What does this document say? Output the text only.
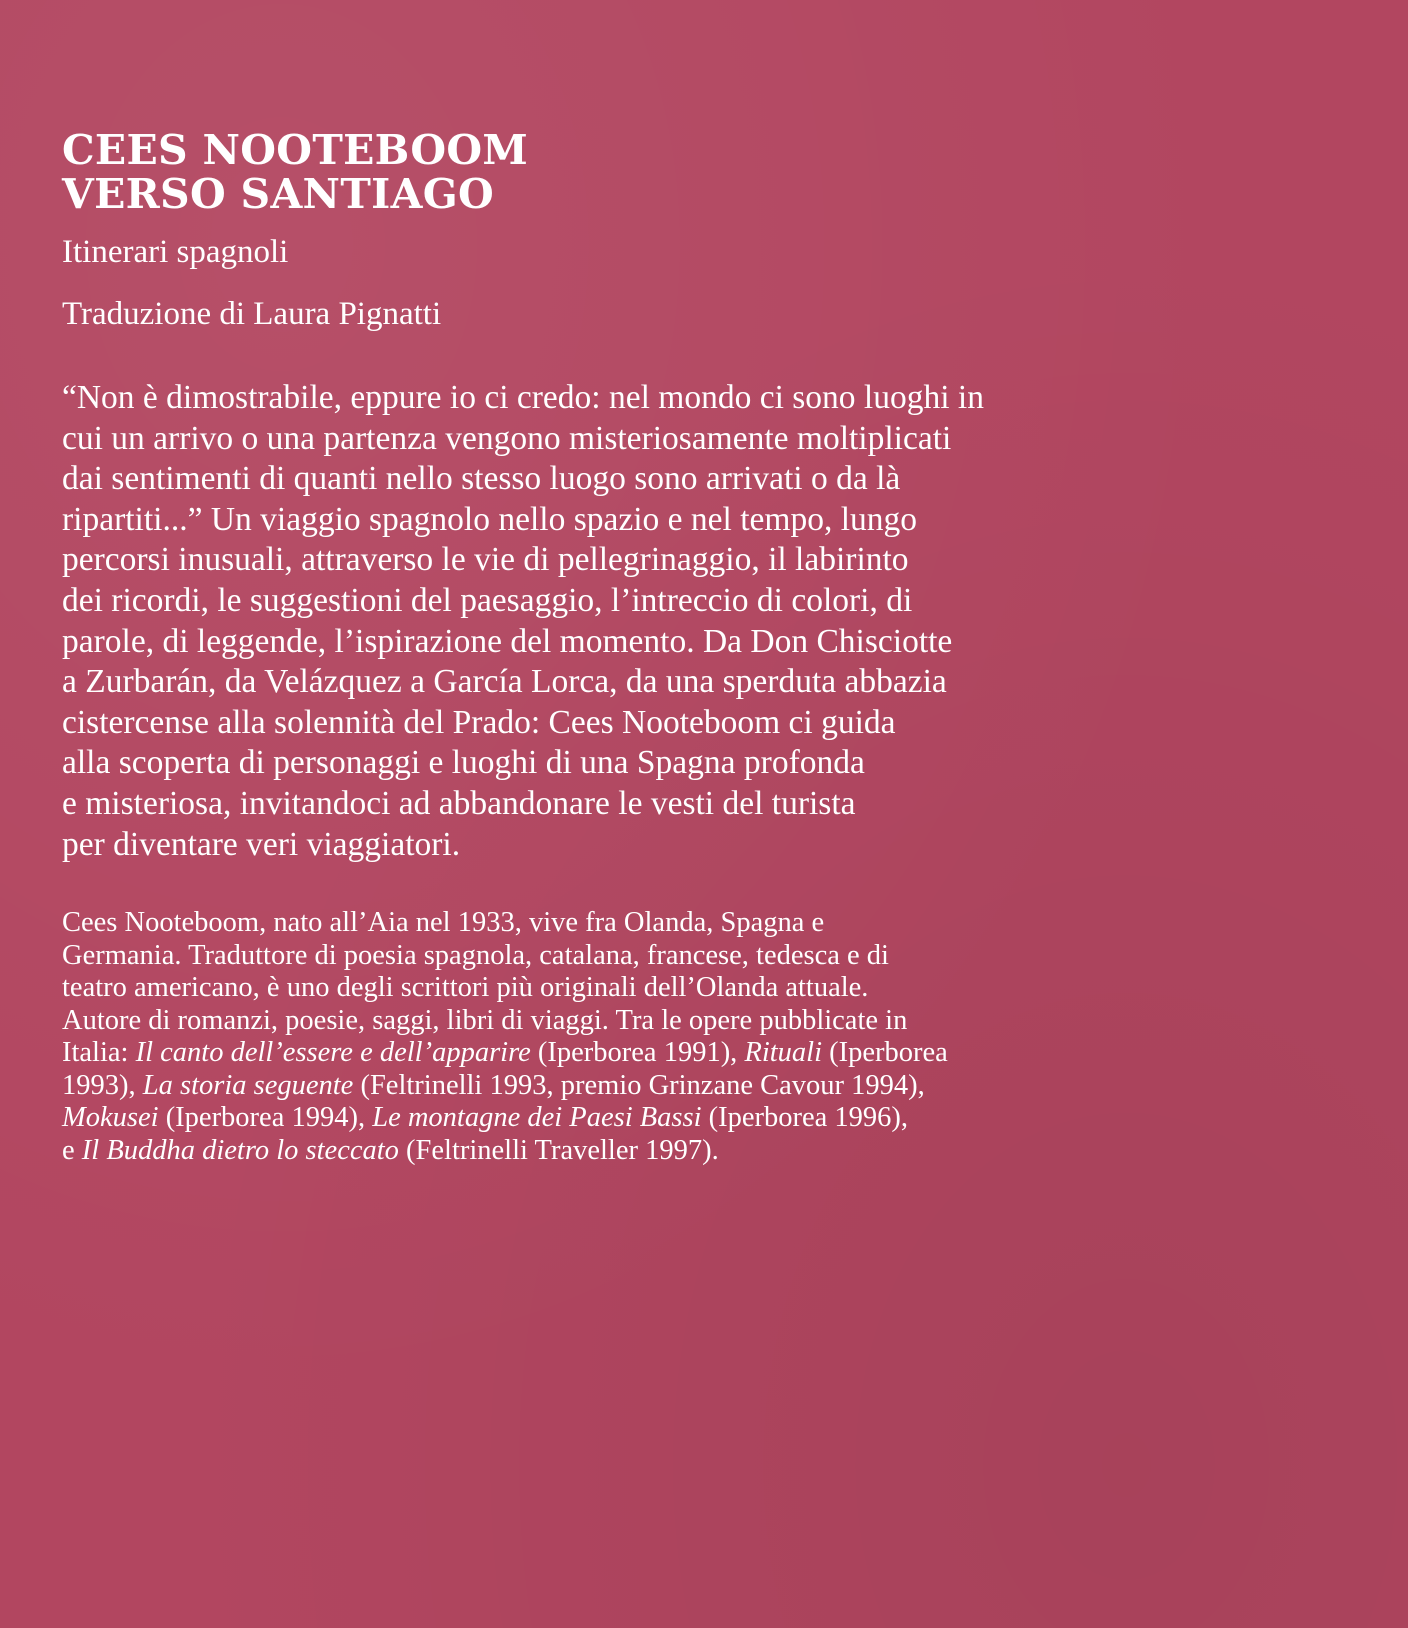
CEES NOOTEBOOM
VERSO SANTIAGO

Itinerari spagnoli

Traduzione di Laura Pignatti

“Non è dimostrabile, eppure io ci credo: nel mondo ci sono luoghi in
cui un arrivo o una partenza vengono misteriosamente moltiplicati
dai sentimenti di quanti nello stesso luogo sono arrivati o da là
ripartiti...” Un viaggio spagnolo nello spazio e nel tempo, lungo
percorsi inusuali, attraverso le vie di pellegrinaggio, il labirinto
dei ricordi, le suggestioni del paesaggio, l’intreccio di colori, di
parole, di leggende, l’ispirazione del momento. Da Don Chisciotte
a Zurbarán, da Velázquez a García Lorca, da una sperduta abbazia
cistercense alla solennità del Prado: Cees Nooteboom ci guida
alla scoperta di personaggi e luoghi di una Spagna profonda
e misteriosa, invitandoci ad abbandonare le vesti del turista
per diventare veri viaggiatori.

Cees Nooteboom, nato all’Aia nel 1933, vive fra Olanda, Spagna e
Germania. Traduttore di poesia spagnola, catalana, francese, tedesca e di
teatro americano, è uno degli scrittori più originali dell’Olanda attuale.
Autore di romanzi, poesie, saggi, libri di viaggi. Tra le opere pubblicate in
Italia: Il canto dell’essere e dell’apparire (Iperborea 1991), Rituali (Iperborea
1993), La storia seguente (Feltrinelli 1993, premio Grinzane Cavour 1994),
Mokusei (Iperborea 1994), Le montagne dei Paesi Bassi (Iperborea 1996),
e Il Buddha dietro lo steccato (Feltrinelli Traveller 1997).
